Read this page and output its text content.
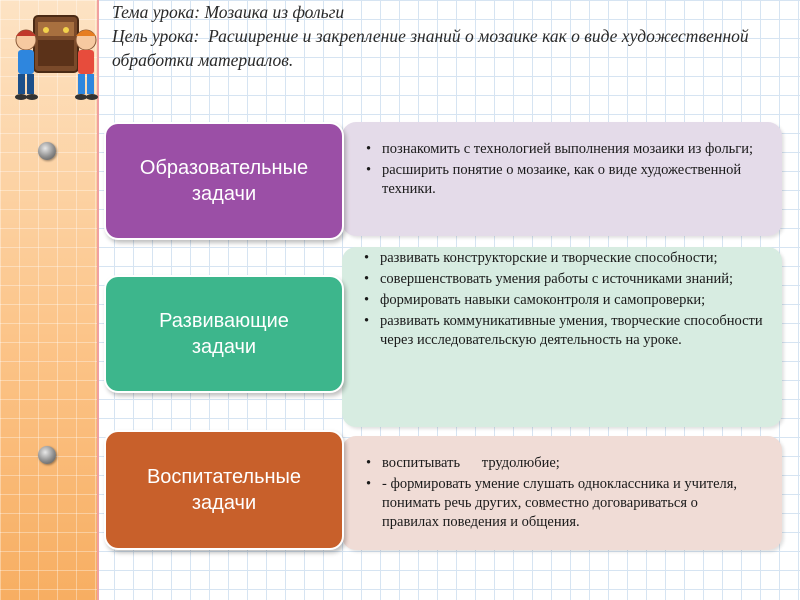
Тема урока: Мозаика из фольги
Цель урока: Расширение и закрепление знаний о мозаике как о виде художественной обработки материалов.
• познакомить с технологией выполнения мозаики из фольги;
• расширить понятие о мозаике, как о виде художественной техники.
Образовательные
задачи
• развивать конструкторские и творческие способности;
• совершенствовать умения работы с источниками знаний;
• формировать навыки самоконтроля и самопроверки;
• развивать коммуникативные умения, творческие способности через исследовательскую деятельность на уроке.
Развивающие
задачи
• воспитывать      трудолюбие;
• - формировать умение слушать одноклассника и учителя, понимать речь других, совместно договариваться о правилах поведения и общения.
Воспитательные
задачи
